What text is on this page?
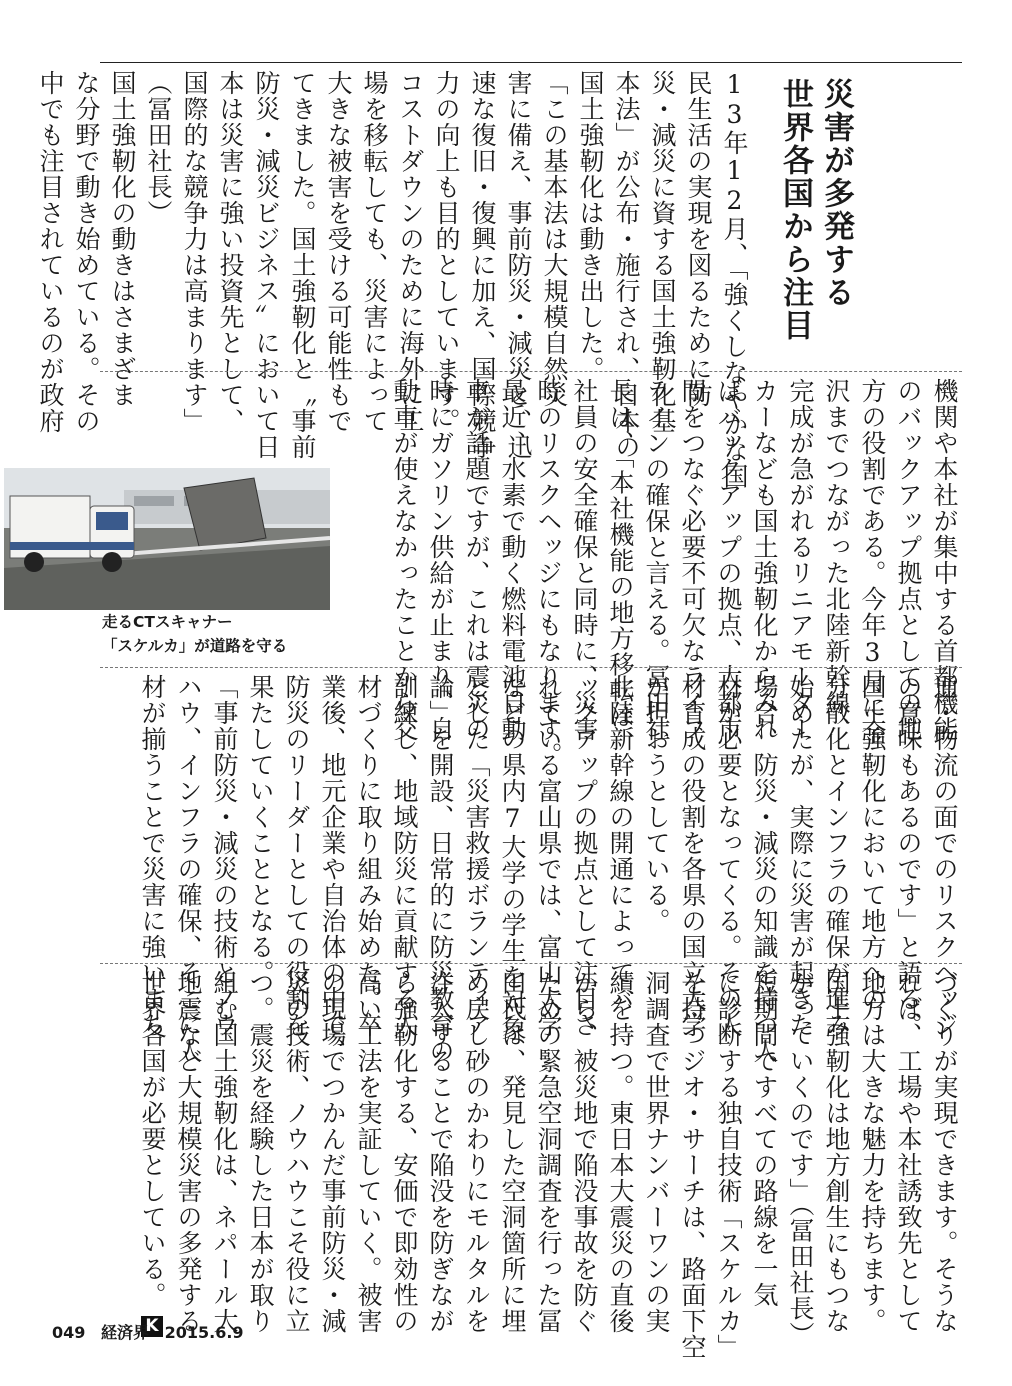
災害が多発する
世界各国から注目
13年12月、「強くしなやかな国
民生活の実現を図るために防
災・減災に資する国土強靭化基
本法」が公布・施行され、日本の
国土強靭化は動き出した。
「この基本法は大規模自然災
害に備え、事前防災・減災と、迅
速な復旧・復興に加え、国際競争
力の向上も目的としています。
コストダウンのために海外に工
場を移転しても、災害によって
大きな被害を受ける可能性もで
てきました。国土強靭化と〝事前
防災・減災ビジネス〟において日
本は災害に強い投資先として、
国際的な競争力は高まります」
（冨田社長）
国土強靭化の動きはさまざま
な分野で動き始めている。その
中でも注目されているのが政府
機関や本社が集中する首都機能
のバックアップ拠点としての地
方の役割である。今年3月に金
沢までつながった北陸新幹線、
完成が急がれるリニアモーター
カーなども国土強靭化からみれ
ばバックアップの拠点、大都市
間をつなぐ必要不可欠なライフ
ラインの確保と言える。冨田社
長は、「本社機能の地方移転は、
社員の安全確保と同時に、災害
時のリスクヘッジにもなります。
最近、水素で動く燃料電池自動
車が話題ですが、これは震災の
時にガソリン供給が止まり、自
動車が使えなかったことから交
走るCTスキャナー
「スケルカ」が道路を守る
通・物流の面でのリスクヘッジ
の意味もあるのです」と語る。
国土強靭化において地方への
分散化とインフラの確保が進み
始めたが、実際に災害が起きた
場合、防災・減災の知識を持つ人
材が必要となってくる。その人
材育成の役割を各県の国立大学
が担おうとしている。
北陸新幹線の開通によってバ
ックアップの拠点として注目さ
れている富山県では、富山大学
などの県内7大学の学生を対象
とした「災害救援ボランティア
論」を開設、日常的に防災教育の
訓練し、地域防災に貢献する人
材づくりに取り組み始めた。卒
業後、地元企業や自治体の中で、
防災のリーダーとしての役割を
果たしていくこととなる。
「事前防災・減災の技術とノウ
ハウ、インフラの確保、そこに人
材が揃うことで災害に強いまち
づくりが実現できます。そうな
れば、工場や本社誘致先として
地方は大きな魅力を持ちます。
国土強靭化は地方創生にもつな
がっていくのです」（冨田社長）
短期間ですべての路線を一気
に診断する独自技術「スケルカ」
を持つジオ・サーチは、路面下空
洞調査で世界ナンバーワンの実
績を持つ。東日本大震災の直後
から、被災地で陥没事故を防ぐ
ための緊急空洞調査を行った冨
田氏は、発見した空洞箇所に埋
め戻し砂のかわりにモルタルを
注入することで陥没を防ぎなが
ら強靭化する、安価で即効性の
高い工法を実証していく。被害
の現場でつかんだ事前防災・減
災の技術、ノウハウこそ役に立
つ。震災を経験した日本が取り
組む国土強靭化は、ネパール大
地震など大規模災害の多発する
世界各国が必要としている。K
049 経済界 2015.6.9
